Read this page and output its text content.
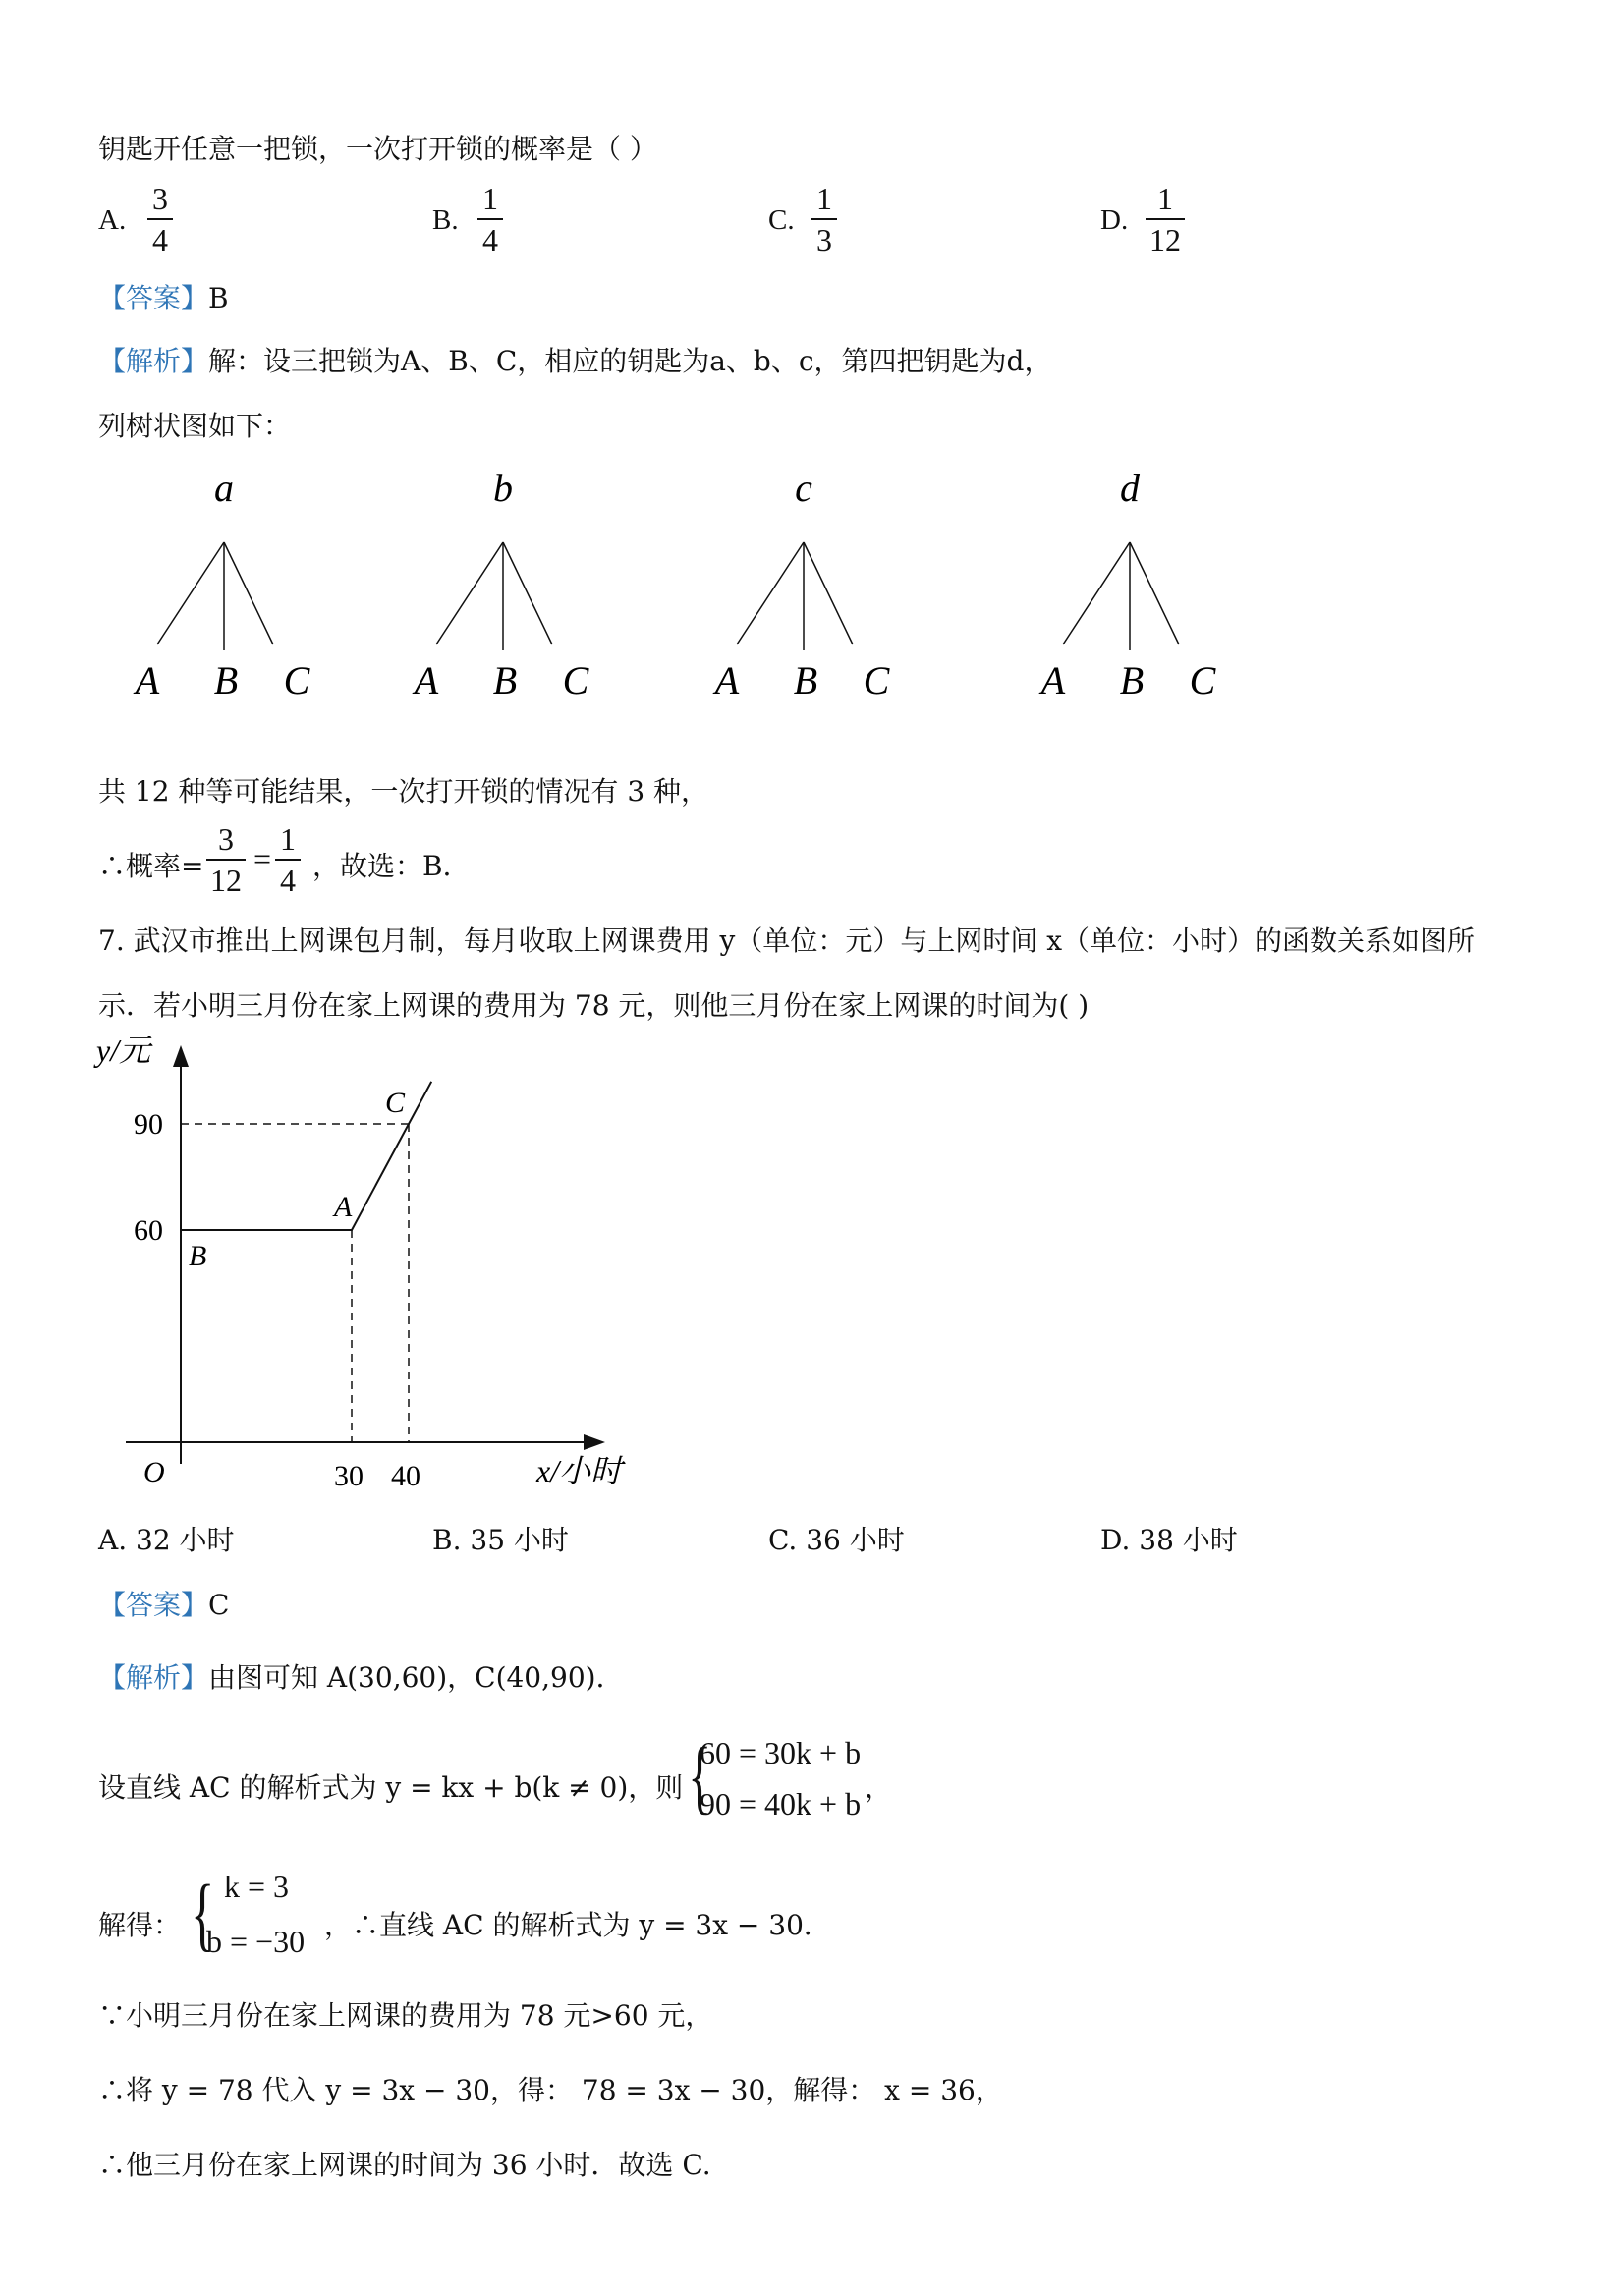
钥匙开任意一把锁，一次打开锁的概率是（ ）
A.
3
4
B.
1
4
C.
1
3
D.
1
12
【答案】B
【解析】解：设三把锁为A、B、C，相应的钥匙为a、b、c，第四把钥匙为d，
列树状图如下：
a
A B C
b
A B C
c
A B C
d
A B C
共 12 种等可能结果，一次打开锁的情况有 3 种，
∴概率=
3
12
=
1
4 ，故选：B．
7. 武汉市推出上网课包月制，每月收取上网课费用 y（单位：元）与上网时间 x（单位：小时）的函数关系如图所
示．若小明三月份在家上网课的费用为 78 元，则他三月份在家上网课的时间为( )
y/元
x/小时
O
90
60
30 40
A
B
C
A. 32 小时	B. 35 小时	C. 36 小时	D. 38 小时
【答案】C
【解析】由图可知 A(30,60)，C(40,90)．
设直线 AC 的解析式为 y = kx + b(k ≠ 0)，则 {
60 = 30k + b
90 = 40k + b ，
解得： { k = 3
b = −30 ，∴直线 AC 的解析式为 y = 3x − 30．
∵小明三月份在家上网课的费用为 78 元>60 元，
∴将 y = 78 代入 y = 3x − 30，得： 78 = 3x − 30，解得： x = 36，
∴他三月份在家上网课的时间为 36 小时．故选 C.
